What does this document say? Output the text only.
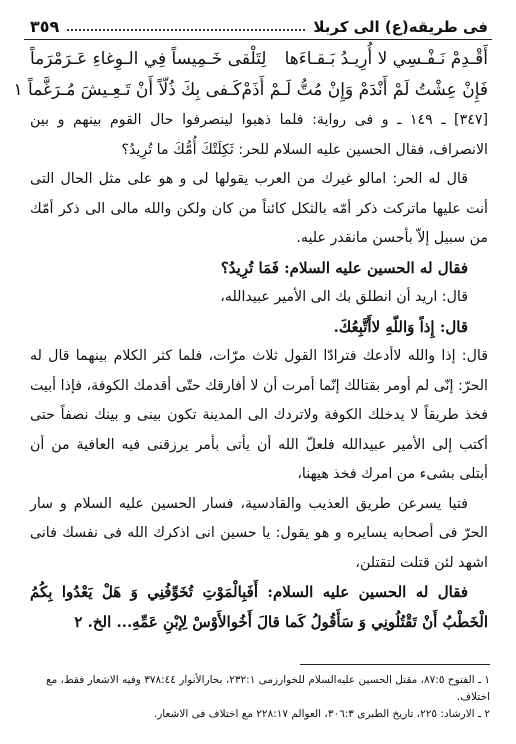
فى طريقه(ع) الى كربلا
٣٥٩
أَقْـدِمْ نَـفْـسِي لا أُرِيـدُ بَـقـاءَها
لِتَلْقى خَـمِيساً فِي الـوِغاءِ عَـرَمْرَماً
فَإِنْ عِشْتُ لَمْ أَنْدَمْ وَإِنْ مُتُّ لَـمْ أَذَمْ
كَـفى بِكَ ذُلّاً أَنْ تَـعِـيشَ مُـرَغَّماً ١

[٣٤٧] ـ ١٤٩ ـ و فى رواية: فلما ذهبوا لينصرفوا حال القوم بينهم و بين الانصراف، فقال الحسين عليه السلام للحر: ثَكِلَتْكَ أُمُّكَ ما تُرِيدُ؟

قال له الحر: امالو غيرك من العرب يقولها لى و هو على مثل الحال التى أنت عليها ماتركت ذكر أمّه بالثكل كائناً من كان ولكن والله مالى الى ذكر أمّك من سبيل إلاّ بأحسن مانقدر عليه.

فقال له الحسين عليه السلام: فَمَا تُرِيدُ؟

قال: اريد أن انطلق بك الى الأمير عبيدالله،

قال: إِذاً وَاللّهِ لاأَتَّبِعُكَ.

قال: إذا والله لاأدعك فترادّا القول ثلاث مرّات، فلما كثر الكلام بينهما قال له الحرّ: إنّى لم أومر بقتالك إنّما أمرت أن لا أفارقك حتّى أقدمك الكوفة، فإذا أبيت فخذ طريقاً لا يدخلك الكوفة ولاتردك الى المدينة تكون بينى و بينك نصفاً حتى أكتب إلى الأمير عبيدالله فلعلّ الله أن يأتى بأمر يرزقنى فيه العافية من أن أبتلى بشىء من امرك فخذ هيهنا،

فتيا يسرعن طريق العذيب والقادسية، فسار الحسين عليه السلام و سار الحرّ فى أصحابه يسايره و هو يقول: يا حسين انى اذكرك الله فى نفسك فانى اشهد لئن قتلت لتقتلن،

فقال له الحسين عليه السلام: أَفَبِالْمَوْتِ تُخَوِّفُنِي وَ هَلْ يَعْدُوا بِكُمُ الْخَطْبُ أَنْ تَقْتُلُونِي وَ سَأَقُولُ كَما قالَ أَخُوالأَوْسْ لِإبْنِ عَمِّهِ... الخ. ٢

١ ـ الفتوح ٨٧:٥، مقتل الحسين عليه‌السلام للخوارزمى ٢٣٢:١، بحارالأنوار ٣٧٨:٤٤ وفيه الاشعار فقط، مع اختلاف.

٢ ـ الارشاد: ٢٢٥، تاريخ الطبرى ٣٠٦:٣، العوالم ٢٢٨:١٧ مع اختلاف فى الاشعار.
